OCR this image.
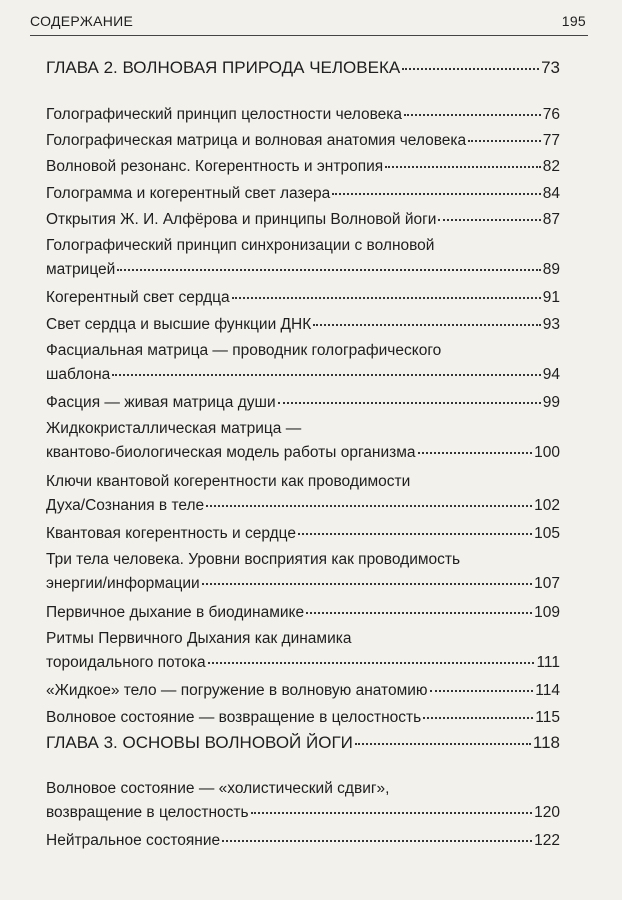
СОДЕРЖАНИЕ	195
ГЛАВА 2. ВОЛНОВАЯ ПРИРОДА ЧЕЛОВЕКА	73
Голографический принцип целостности человека	76
Голографическая матрица и волновая анатомия человека	77
Волновой резонанс. Когерентность и энтропия	82
Голограмма и когерентный свет лазера	84
Открытия Ж. И. Алфёрова и принципы Волновой йоги	87
Голографический принцип синхронизации с волновой
матрицей	89
Когерентный свет сердца	91
Свет сердца и высшие функции ДНК	93
Фасциальная матрица — проводник голографического
шаблона	94
Фасция — живая матрица души	99
Жидкокристаллическая матрица —
квантово-биологическая модель работы организма	100
Ключи квантовой когерентности как проводимости
Духа/Сознания в теле	102
Квантовая когерентность и сердце	105
Три тела человека. Уровни восприятия как проводимость
энергии/информации	107
Первичное дыхание в биодинамике	109
Ритмы Первичного Дыхания как динамика
тороидального потока	111
«Жидкое» тело — погружение в волновую анатомию	114
Волновое состояние — возвращение в целостность	115
ГЛАВА 3. ОСНОВЫ ВОЛНОВОЙ ЙОГИ	118
Волновое состояние — «холистический сдвиг»,
возвращение в целостность	120
Нейтральное состояние	122
